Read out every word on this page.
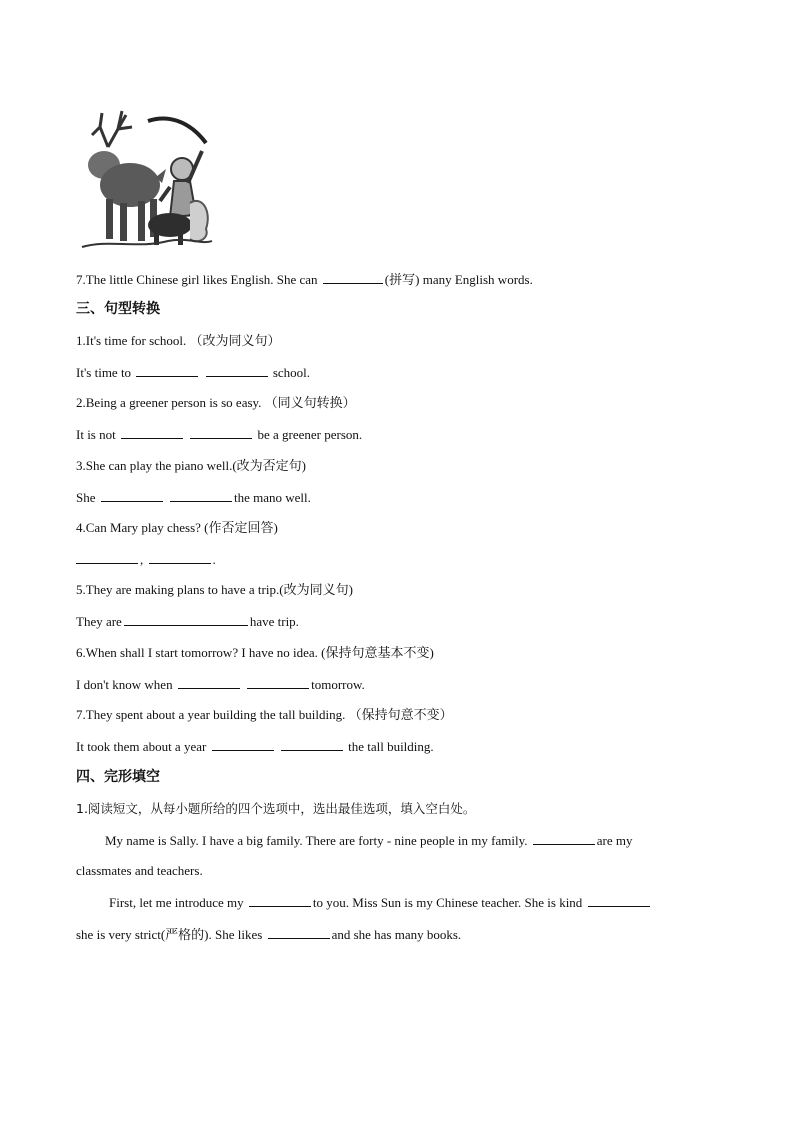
7.The little Chinese girl likes English. She can	(拼写) many English words.
三、句型转换
1.It's time for school. （改为同义句）
It's time to	school.
2.Being a greener person is so easy. （同义句转换）
It is not	be a greener person.
3.She can play the piano well.(改为否定句)
She	the mano well.
4.Can Mary play chess? (作否定回答)
,	.
5.They are making plans to have a trip.(改为同义句)
They are	have trip.
6.When shall I start tomorrow? I have no idea. (保持句意基本不变)
I don't know when	tomorrow.
7.They spent about a year building the tall building. （保持句意不变）
It took them about a year	the tall building.
四、完形填空
1.阅读短文，从每小题所给的四个选项中，选出最佳选项，填入空白处。
My name is Sally. I have a big family. There are forty - nine people in my family.	are my
classmates and teachers.
First, let me introduce my	to you. Miss Sun is my Chinese teacher. She is kind
she is very strict(严格的). She likes	and she has many books.
